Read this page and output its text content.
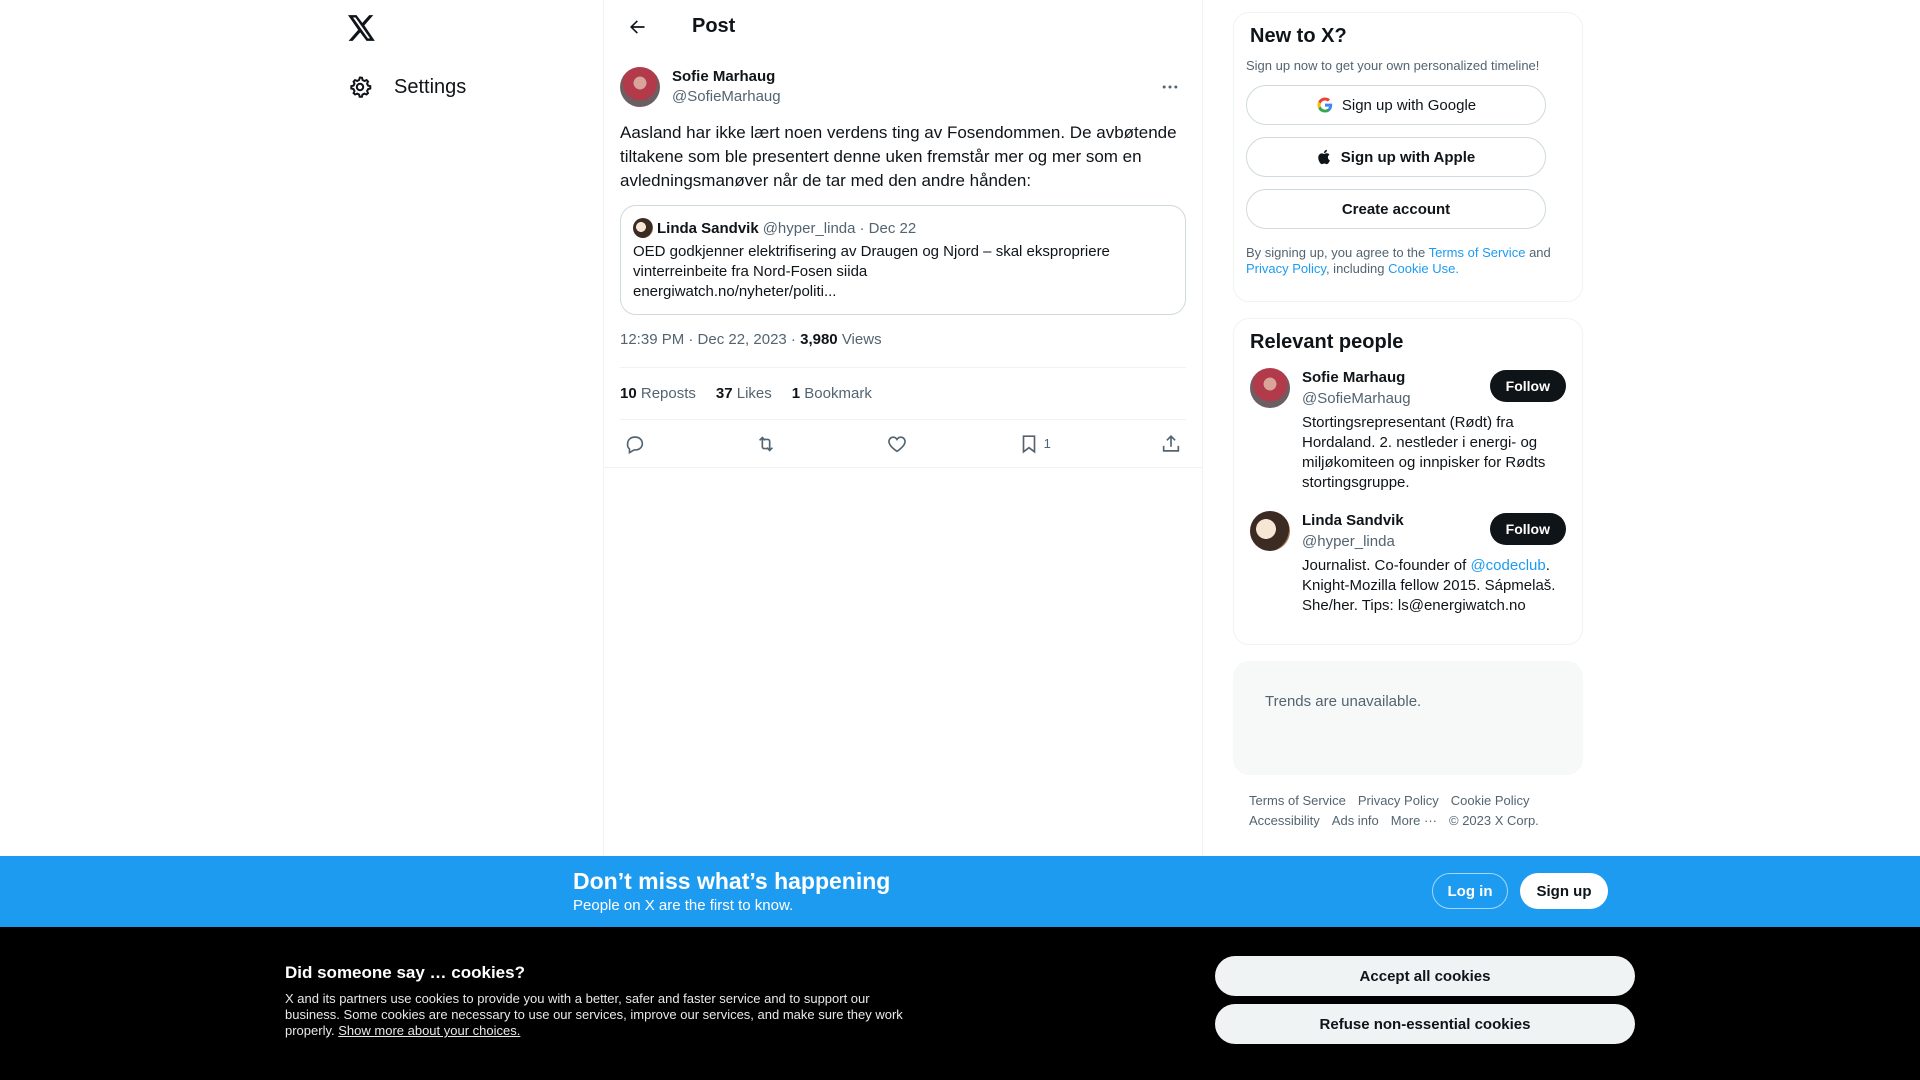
Settings
Post
Sofie Marhaug
@SofieMarhaug
Aasland har ikke lært noen verdens ting av Fosendommen. De avbøtende tiltakene som ble presentert denne uken fremstår mer og mer som en avledningsmanøver når de tar med den andre hånden:
Linda Sandvik @hyper_linda · Dec 22
OED godkjenner elektrifisering av Draugen og Njord – skal ekspropriere vinterreinbeite fra Nord-Fosen siida
energiwatch.no/nyheter/politi...
12:39 PM · Dec 22, 2023 · 3,980 Views
10 Reposts 37 Likes 1 Bookmark
1
New to X?
Sign up now to get your own personalized timeline!
Sign up with Google
Sign up with Apple
Create account
By signing up, you agree to the Terms of Service and Privacy Policy, including Cookie Use.
Relevant people
Sofie Marhaug
@SofieMarhaug
Follow
Stortingsrepresentant (Rødt) fra Hordaland. 2. nestleder i energi- og miljøkomiteen og innpisker for Rødts stortingsgruppe.
Linda Sandvik
@hyper_linda
Follow
Journalist. Co-founder of @codeclub. Knight-Mozilla fellow 2015. Sápmelaš. She/her. Tips: ls@energiwatch.no
Trends are unavailable.
Terms of Service Privacy Policy Cookie Policy
Accessibility Ads info More ··· © 2023 X Corp.
Don’t miss what’s happening
People on X are the first to know.
Log in	Sign up
Did someone say … cookies?
X and its partners use cookies to provide you with a better, safer and faster service and to support our business. Some cookies are necessary to use our services, improve our services, and make sure they work properly. Show more about your choices.
Accept all cookies
Refuse non-essential cookies
